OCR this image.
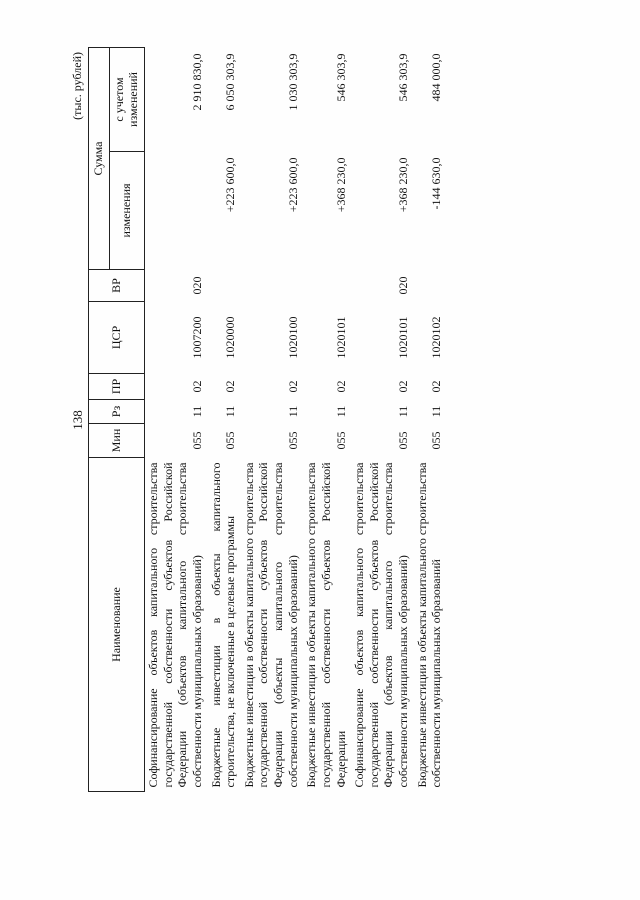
138
(тыс. рублей)
Наименование	Мин	Рз	ПР	ЦСР	ВР	Сумма	
						изменения	с учетом изменений
Софинансирование объектов капитального строительства государственной собственности субъектов Российской Федерации (объектов капитального строительства собственности муниципальных образований)	055	11	02	1007200	020		2 910 830,0
Бюджетные инвестиции в объекты капитального строительства, не включенные в целевые программы	055	11	02	1020000		+223 600,0	6 050 303,9
Бюджетные инвестиции в объекты капитального строительства государственной собственности субъектов Российской Федерации (объекты капитального строительства собственности муниципальных образований)	055	11	02	1020100		+223 600,0	1 030 303,9
Бюджетные инвестиции в объекты капитального строительства государственной собственности субъектов Российской Федерации	055	11	02	1020101		+368 230,0	546 303,9
Софинансирование объектов капитального строительства государственной собственности субъектов Российской Федерации (объектов капитального строительства собственности муниципальных образований)	055	11	02	1020101	020	+368 230,0	546 303,9
Бюджетные инвестиции в объекты капитального строительства собственности муниципальных образований	055	11	02	1020102		-144 630,0	484 000,0
